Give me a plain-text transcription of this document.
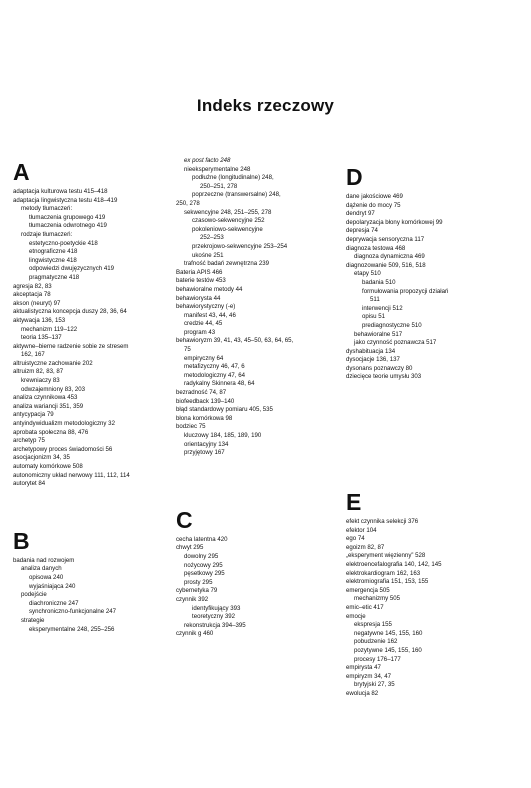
Indeks rzeczowy
A
adaptacja kulturowa testu 415–418
adaptacja lingwistyczna testu 418–419
metody tłumaczeń:
tłumaczenia grupowego 419
tłumaczenia odwrotnego 419
rodzaje tłumaczeń:
estetyczno-poetyckie 418
etnograficzne 418
lingwistyczne 418
odpowiedzi dwujęzycznych 419
pragmatyczne 418
agresja 82, 83
akceptacja 78
akson (neuryt) 97
aktualistyczna koncepcja duszy 28, 36, 64
aktywacja 136, 153
mechanizm 119–122
teoria 135–137
aktywne–bierne radzenie sobie ze stresem
162, 167
altruistyczne zachowanie 202
altruizm 82, 83, 87
krewniaczy 83
odwzajemniony 83, 203
analiza czynnikowa 453
analiza wariancji 351, 359
antycypacja 79
antyindywidualizm metodologiczny 32
aprobata społeczna 88, 476
archetyp 75
archetypowy proces świadomości 56
asocjacjonizm 34, 35
automaty komórkowe 508
autonomiczny układ nerwowy 111, 112, 114
autorytet 84
B
badania nad rozwojem
analiza danych
opisowa 240
wyjaśniająca 240
podejście
diachroniczne 247
synchroniczno-funkcjonalne 247
strategie
eksperymentalne 248, 255–256
ex post facto 248
nieeksperymentalne 248
podłużne (longitudinalne) 248,
250–251, 278
poprzeczne (transwersalne) 248,
250, 278
sekwencyjne 248, 251–255, 278
czasowo-sekwencyjne 252
pokoleniowo-sekwencyjne
252–253
przekrojowo-sekwencyjne 253–254
ukośne 251
trafność badań zewnętrzna 239
Bateria APIS 466
baterie testów 453
behawioralne metody 44
behawiorysta 44
behawiorystyczny (-e)
manifest 43, 44, 46
credzie 44, 45
program 43
behawioryzm 39, 41, 43, 45–50, 63, 64, 65,
75
empiryczny 64
metafizyczny 46, 47, 6
metodologiczny 47, 64
radykalny Skinnera 48, 64
bezradność 74, 87
biofeedback 139–140
błąd standardowy pomiaru 405, 535
błona komórkowa 98
bodziec 75
kluczowy 184, 185, 189, 190
orientacyjny 134
przyjętowy 167
C
cecha latentna 420
chwyt 295
dowolny 295
nożycowy 295
pęsetkowy 295
prosty 295
cybernetyka 79
czynnik 392
identyfikujący 393
teoretyczny 392
rekonstrukcja 394–395
czynnik g 460
D
dane jakościowe 469
dążenie do mocy 75
dendryt 97
depolaryzacja błony komórkowej 99
depresja 74
deprywacja sensoryczna 117
diagnoza testowa 468
diagnoza dynamiczna 469
diagnozowanie 509, 516, 518
etapy 510
badania 510
formułowania propozycji działań
511
interwencji 512
opisu 51
prediagnostyczne 510
behawioralne 517
jako czynność poznawcza 517
dyshabituacja 134
dysocjacje 136, 137
dysonans poznawczy 80
dziecięce teorie umysłu 303
E
efekt czynnika selekcji 376
efektor 104
ego 74
egoizm 82, 87
„eksperyment więzienny” 528
elektroencefalografia 140, 142, 145
elektrokardiogram 162, 163
elektromiografia 151, 153, 155
emergencja 505
mechanizmy 505
emic–etic 417
emocje
ekspresja 155
negatywne 145, 155, 160
pobudzenie 162
pozytywne 145, 155, 160
procesy 176–177
empirysta 47
empiryzm 34, 47
brytyjski 27, 35
ewolucja 82
